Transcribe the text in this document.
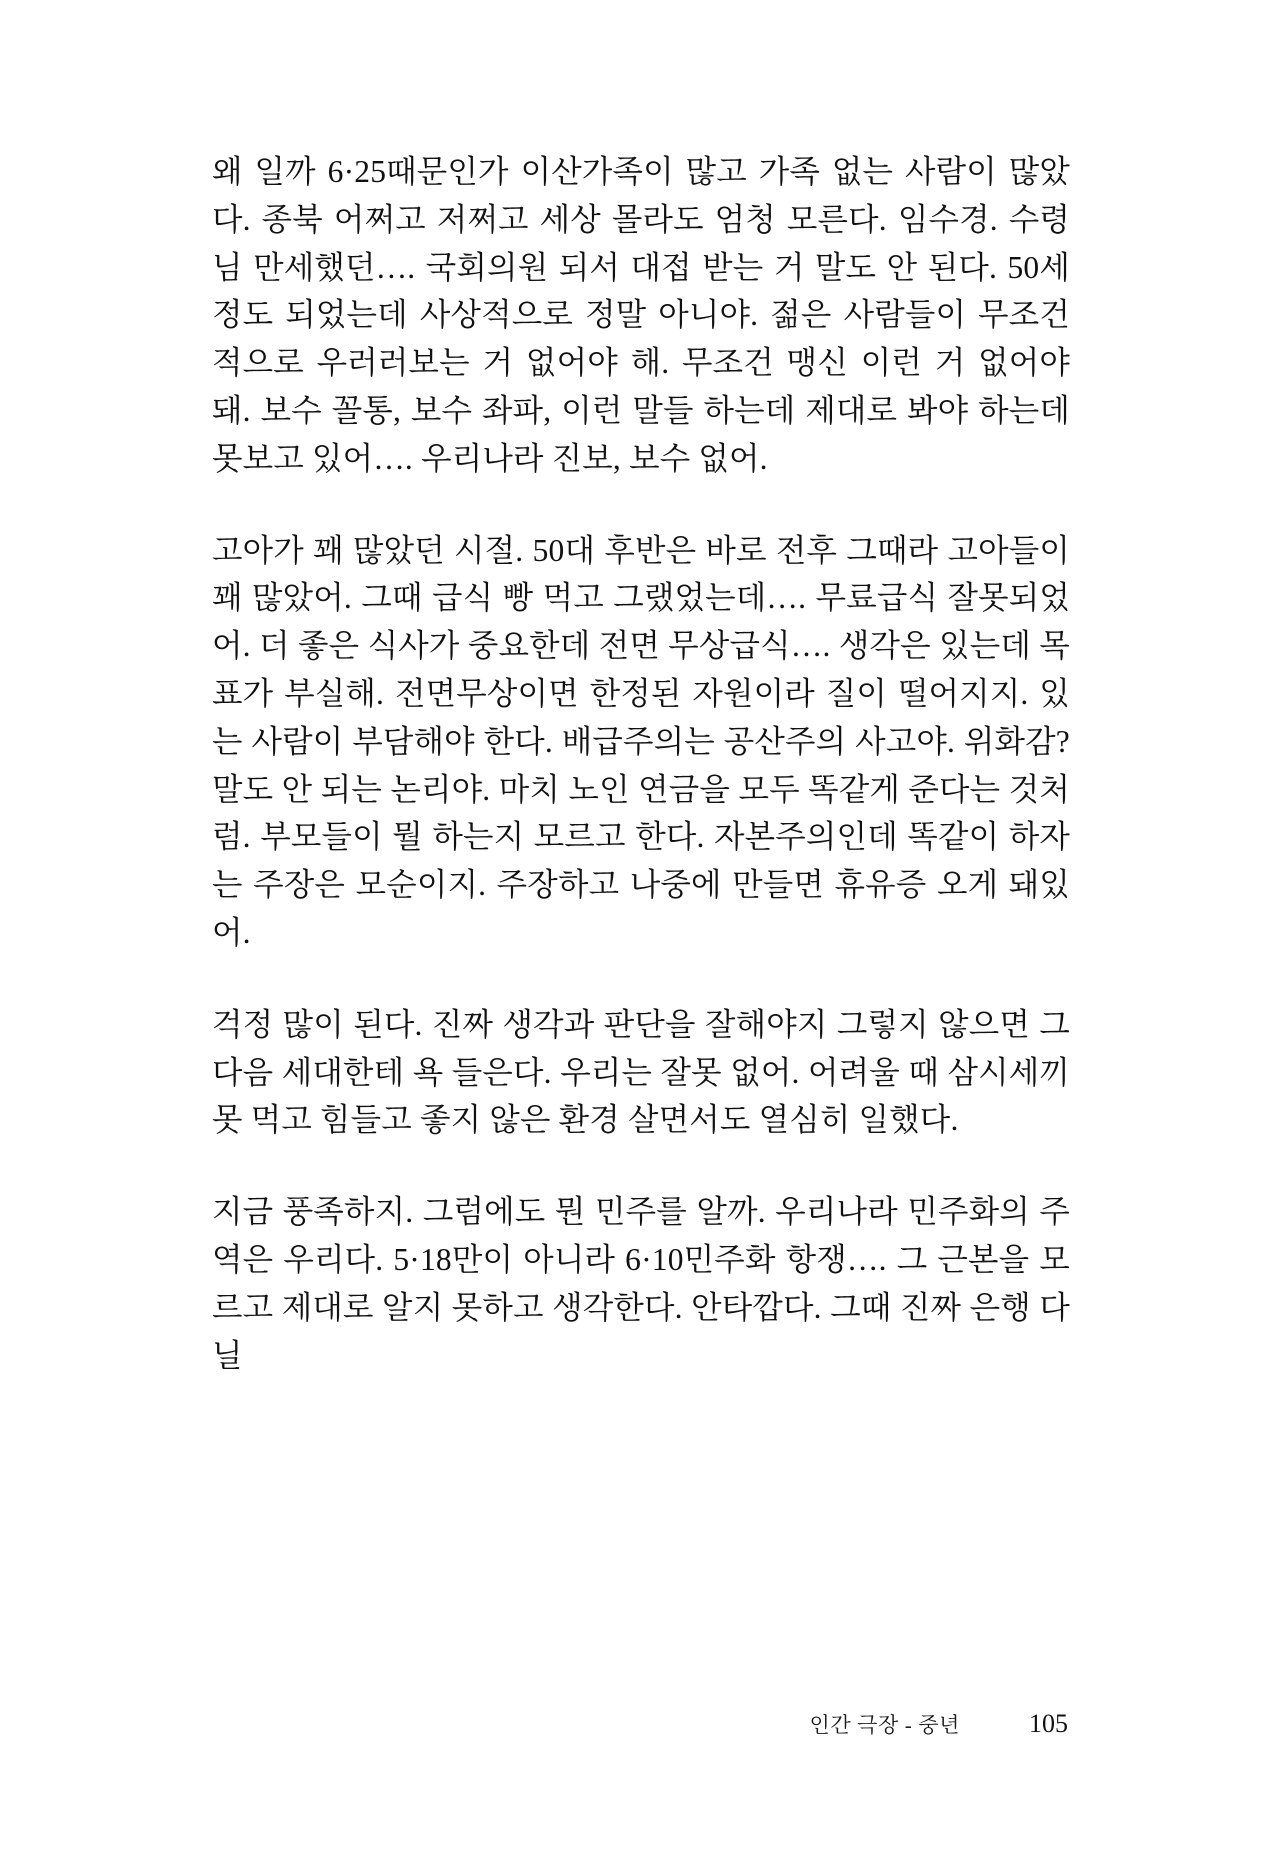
왜 일까 6·25때문인가 이산가족이 많고 가족 없는 사람이 많았다. 종북 어쩌고 저쩌고 세상 몰라도 엄청 모른다. 임수경. 수령님 만세했던…. 국회의원 되서 대접 받는 거 말도 안 된다. 50세 정도 되었는데 사상적으로 정말 아니야. 젊은 사람들이 무조건적으로 우러러보는 거 없어야 해. 무조건 맹신 이런 거 없어야 돼. 보수 꼴통, 보수 좌파, 이런 말들 하는데 제대로 봐야 하는데 못보고 있어…. 우리나라 진보, 보수 없어.

고아가 꽤 많았던 시절. 50대 후반은 바로 전후 그때라 고아들이 꽤 많았어. 그때 급식 빵 먹고 그랬었는데…. 무료급식 잘못되었어. 더 좋은 식사가 중요한데 전면 무상급식…. 생각은 있는데 목표가 부실해. 전면무상이면 한정된 자원이라 질이 떨어지지. 있는 사람이 부담해야 한다. 배급주의는 공산주의 사고야. 위화감? 말도 안 되는 논리야. 마치 노인 연금을 모두 똑같게 준다는 것처럼. 부모들이 뭘 하는지 모르고 한다. 자본주의인데 똑같이 하자는 주장은 모순이지. 주장하고 나중에 만들면 휴유증 오게 돼있어.

걱정 많이 된다. 진짜 생각과 판단을 잘해야지 그렇지 않으면 그 다음 세대한테 욕 들은다. 우리는 잘못 없어. 어려울 때 삼시세끼 못 먹고 힘들고 좋지 않은 환경 살면서도 열심히 일했다.

지금 풍족하지. 그럼에도 뭔 민주를 알까. 우리나라 민주화의 주역은 우리다. 5·18만이 아니라 6·10민주화 항쟁…. 그 근본을 모르고 제대로 알지 못하고 생각한다. 안타깝다. 그때 진짜 은행 다닐

인간 극장 - 중년	105
